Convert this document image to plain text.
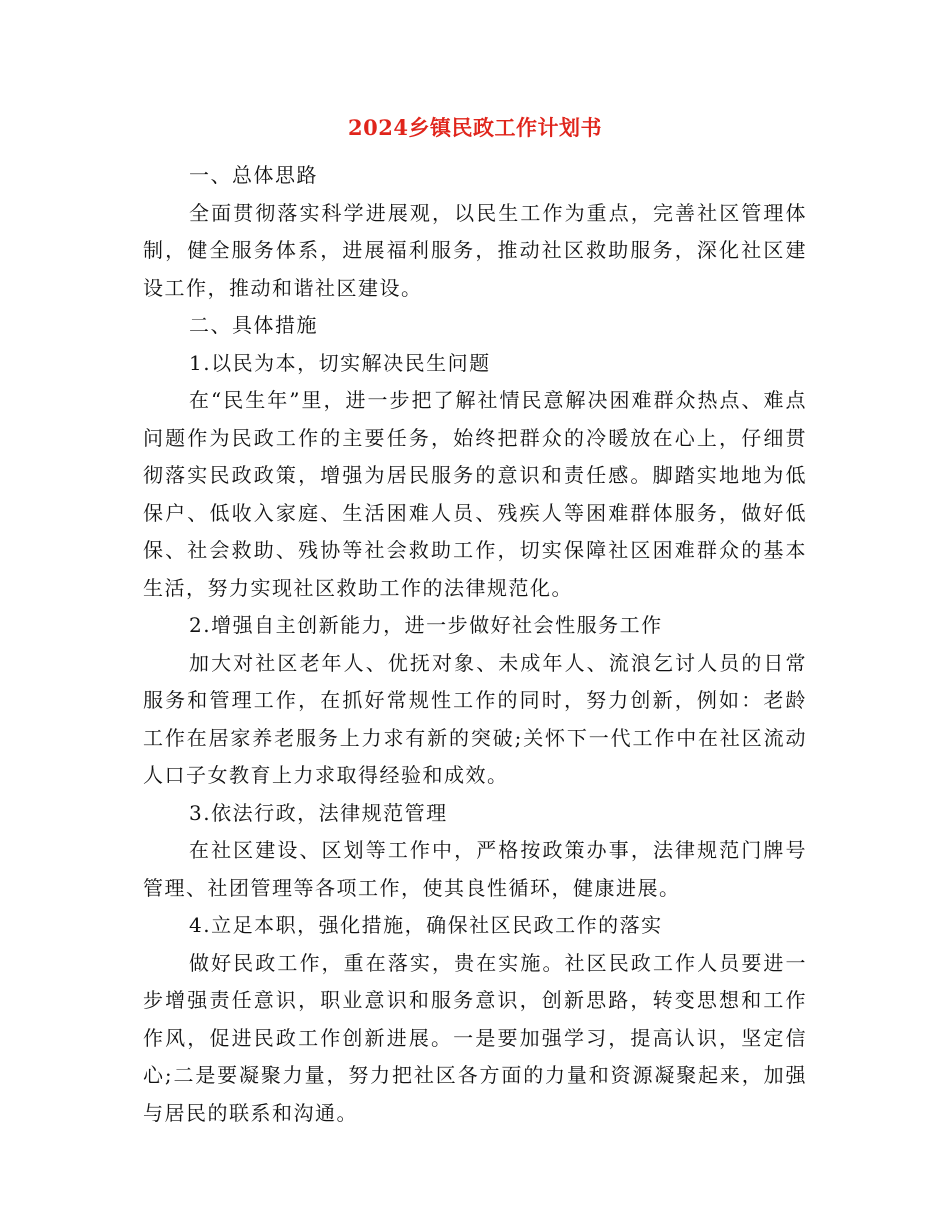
2024乡镇民政工作计划书

一、总体思路

全面贯彻落实科学进展观，以民生工作为重点，完善社区管理体制，健全服务体系，进展福利服务，推动社区救助服务，深化社区建设工作，推动和谐社区建设。

二、具体措施

1.以民为本，切实解决民生问题

在“民生年”里，进一步把了解社情民意解决困难群众热点、难点问题作为民政工作的主要任务，始终把群众的冷暖放在心上，仔细贯彻落实民政政策，增强为居民服务的意识和责任感。脚踏实地地为低保户、低收入家庭、生活困难人员、残疾人等困难群体服务，做好低保、社会救助、残协等社会救助工作，切实保障社区困难群众的基本生活，努力实现社区救助工作的法律规范化。

2.增强自主创新能力，进一步做好社会性服务工作

加大对社区老年人、优抚对象、未成年人、流浪乞讨人员的日常服务和管理工作，在抓好常规性工作的同时，努力创新，例如：老龄工作在居家养老服务上力求有新的突破;关怀下一代工作中在社区流动人口子女教育上力求取得经验和成效。

3.依法行政，法律规范管理

在社区建设、区划等工作中，严格按政策办事，法律规范门牌号管理、社团管理等各项工作，使其良性循环，健康进展。

4.立足本职，强化措施，确保社区民政工作的落实

做好民政工作，重在落实，贵在实施。社区民政工作人员要进一步增强责任意识，职业意识和服务意识，创新思路，转变思想和工作作风，促进民政工作创新进展。一是要加强学习，提高认识，坚定信心;二是要凝聚力量，努力把社区各方面的力量和资源凝聚起来，加强与居民的联系和沟通。
